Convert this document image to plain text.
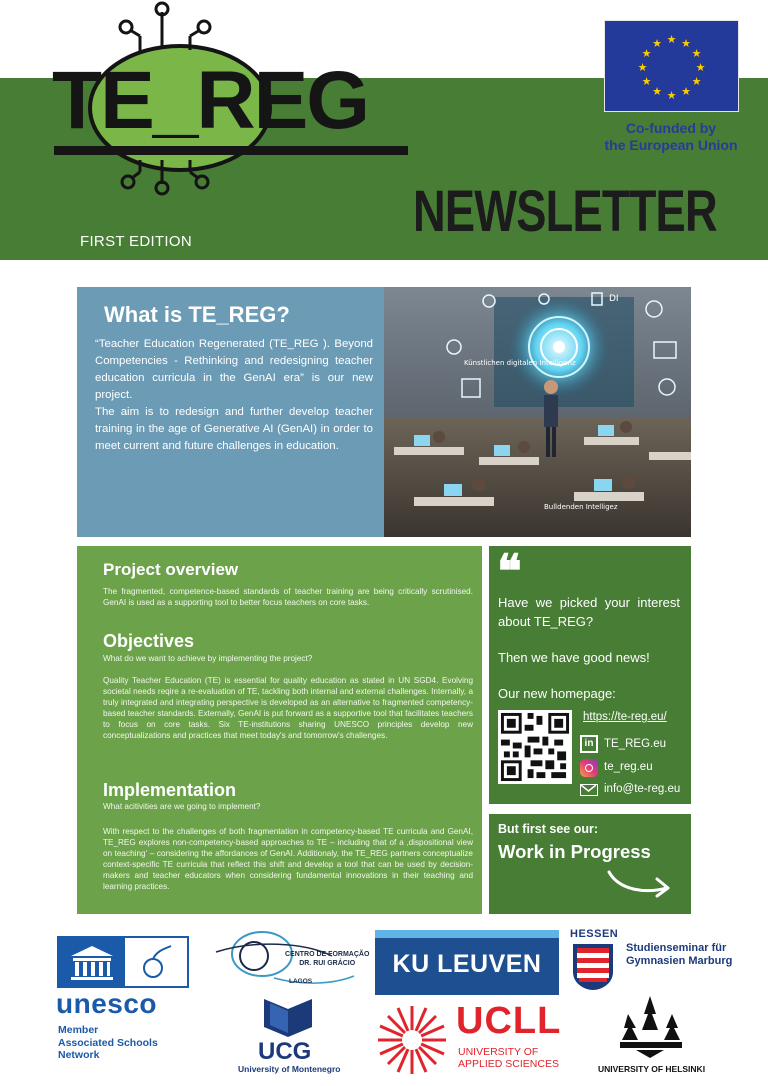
TE_REG
FIRST EDITION	NEWSLETTER
★ ★
★
★
★
★
★
★
★
★
★
★
Co-funded by
the European Union
What is TE_REG?

“Teacher Education Regenerated (TE_REG ). Beyond Competencies - Rethinking and redesigning teacher education curricula in the GenAI era” is our new project.

The aim is to redesign and further develop teacher training in the age of Generative AI (GenAI) in order to meet current and future challenges in education.

DI
Künstlichen digitalen Intelligenz
Bulldenden Intelligez
Project overview
The fragmented, competence-based standards of teacher training are being critically scrutinised. GenAI is used as a supporting tool to better focus teachers on core tasks.
Objectives
What do we want to achieve by implementing the project?
Quality Teacher Education (TE) is essential for quality education as stated in UN SGD4. Evolving societal needs reqire a re-evaluation of TE, tackling both internal and external challenges. Internally, a truly integrated and integrating perspective is developed as an alternative to fragmented competency-based teacher standards. Externally, GenAI is put forward as a supportive tool that facilitates teachers to focus on core tasks. Six TE-institutions sharing UNESCO principles develop new conceptualizations and practices that meet today's and tomorrow's challenges.
Implementation
What acitivities are we going to implement?
With respect to the challenges of both fragmentation in competency-based TE curricula and GenAI, TE_REG explores non-competency-based approaches to TE – including that of a ‚dispositional view on teaching‘ – considering the affordances of GenAI. Additionaly, the TE_REG partners conceptualize context-specific TE curricula that reflect this shift and develop a tool that can be used by decision-makers and teacher educators when considering fundamental innovations in their teaching and learning practices.
❝
Have we picked your interest about TE_REG?
Then we have good news!
Our new homepage:
https://te-reg.eu/
in TE_REG.eu
te_reg.eu
info@te-reg.eu
But first see our:
Work in Progress
unesco
Member
Associated Schools
Network
CENTRO DE FORMAÇÃO
DR. RUI GRÁCIO
LAGOS
UCG
University of Montenegro
KU LEUVEN
UCLL
UNIVERSITY OF
APPLIED SCIENCES
HESSEN
Studienseminar für
Gymnasien Marburg
UNIVERSITY OF HELSINKI
